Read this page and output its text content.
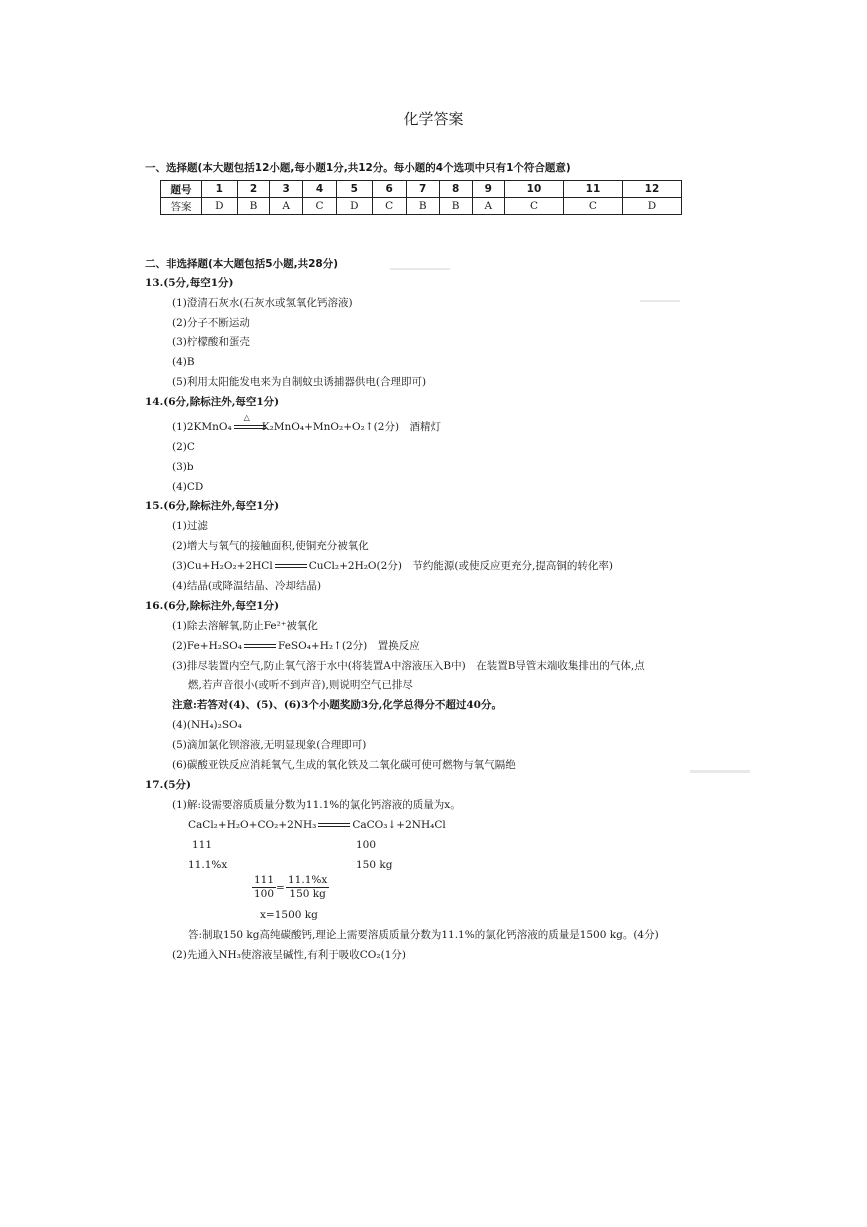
化学答案
一、选择题(本大题包括12小题,每小题1分,共12分。每小题的4个选项中只有1个符合题意)
题号	1	2	3	4	5	6	7	8	9	10	11	12
答案	D	B	A	C	D	C	B	B	A	C	C	D
二、非选择题(本大题包括5小题,共28分)
13.(5分,每空1分)
(1)澄清石灰水(石灰水或氢氧化钙溶液)
(2)分子不断运动
(3)柠檬酸和蛋壳
(4)B
(5)利用太阳能发电来为自制蚊虫诱捕器供电(合理即可)
14.(6分,除标注外,每空1分)
(1)2KMnO₄
△
K₂MnO₄+MnO₂+O₂↑(2分)　酒精灯
(2)C
(3)b
(4)CD
15.(6分,除标注外,每空1分)
(1)过滤
(2)增大与氧气的接触面积,使铜充分被氧化
(3)Cu+H₂O₂+2HCl	CuCl₂+2H₂O(2分)　节约能源(或使反应更充分,提高铜的转化率)
(4)结晶(或降温结晶、冷却结晶)
16.(6分,除标注外,每空1分)
(1)除去溶解氧,防止Fe²⁺被氧化
(2)Fe+H₂SO₄	FeSO₄+H₂↑(2分)　置换反应
(3)排尽装置内空气,防止氧气溶于水中(将装置A中溶液压入B中)　在装置B导管末端收集排出的气体,点
燃,若声音很小(或听不到声音),则说明空气已排尽
注意:若答对(4)、(5)、(6)3个小题奖励3分,化学总得分不超过40分。
(4)(NH₄)₂SO₄
(5)滴加氯化钡溶液,无明显现象(合理即可)
(6)碳酸亚铁反应消耗氧气,生成的氧化铁及二氧化碳可使可燃物与氧气隔绝
17.(5分)
(1)解:设需要溶质质量分数为11.1%的氯化钙溶液的质量为x。
CaCl₂+H₂O+CO₂+2NH₃	CaCO₃↓+2NH₄Cl
111	100
11.1%x	150 kg
$\frac{111}{100} = \frac{11.1\%x}{150 kg}$
x=1500 kg
答:制取150 kg高纯碳酸钙,理论上需要溶质质量分数为11.1%的氯化钙溶液的质量是1500 kg。(4分)
(2)先通入NH₃使溶液呈碱性,有利于吸收CO₂(1分)
